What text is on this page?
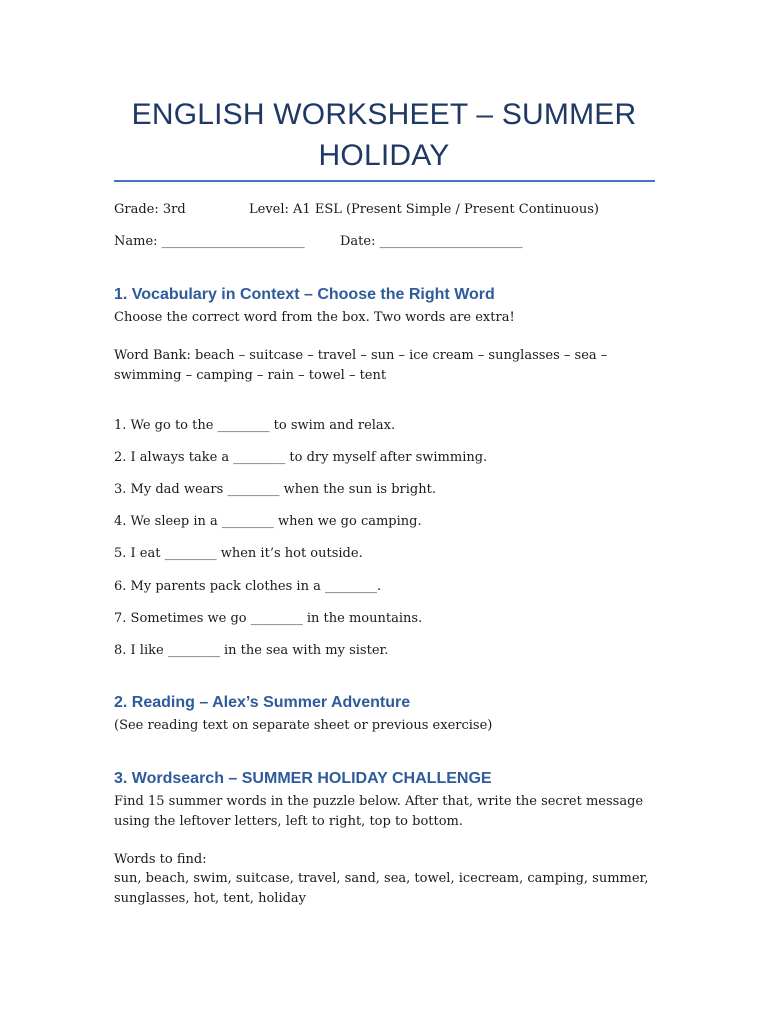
ENGLISH WORKSHEET – SUMMER HOLIDAY
Grade: 3rd	Level: A1 ESL (Present Simple / Present Continuous)
Name: ______________________	Date: ______________________
1. Vocabulary in Context – Choose the Right Word
Choose the correct word from the box. Two words are extra!
Word Bank: beach – suitcase – travel – sun – ice cream – sunglasses – sea – swimming – camping – rain – towel – tent
1. We go to the ________ to swim and relax.
2. I always take a ________ to dry myself after swimming.
3. My dad wears ________ when the sun is bright.
4. We sleep in a ________ when we go camping.
5. I eat ________ when it’s hot outside.
6. My parents pack clothes in a ________.
7. Sometimes we go ________ in the mountains.
8. I like ________ in the sea with my sister.
2. Reading – Alex’s Summer Adventure
(See reading text on separate sheet or previous exercise)
3. Wordsearch – SUMMER HOLIDAY CHALLENGE
Find 15 summer words in the puzzle below. After that, write the secret message using the leftover letters, left to right, top to bottom.
Words to find:
sun, beach, swim, suitcase, travel, sand, sea, towel, icecream, camping, summer, sunglasses, hot, tent, holiday
